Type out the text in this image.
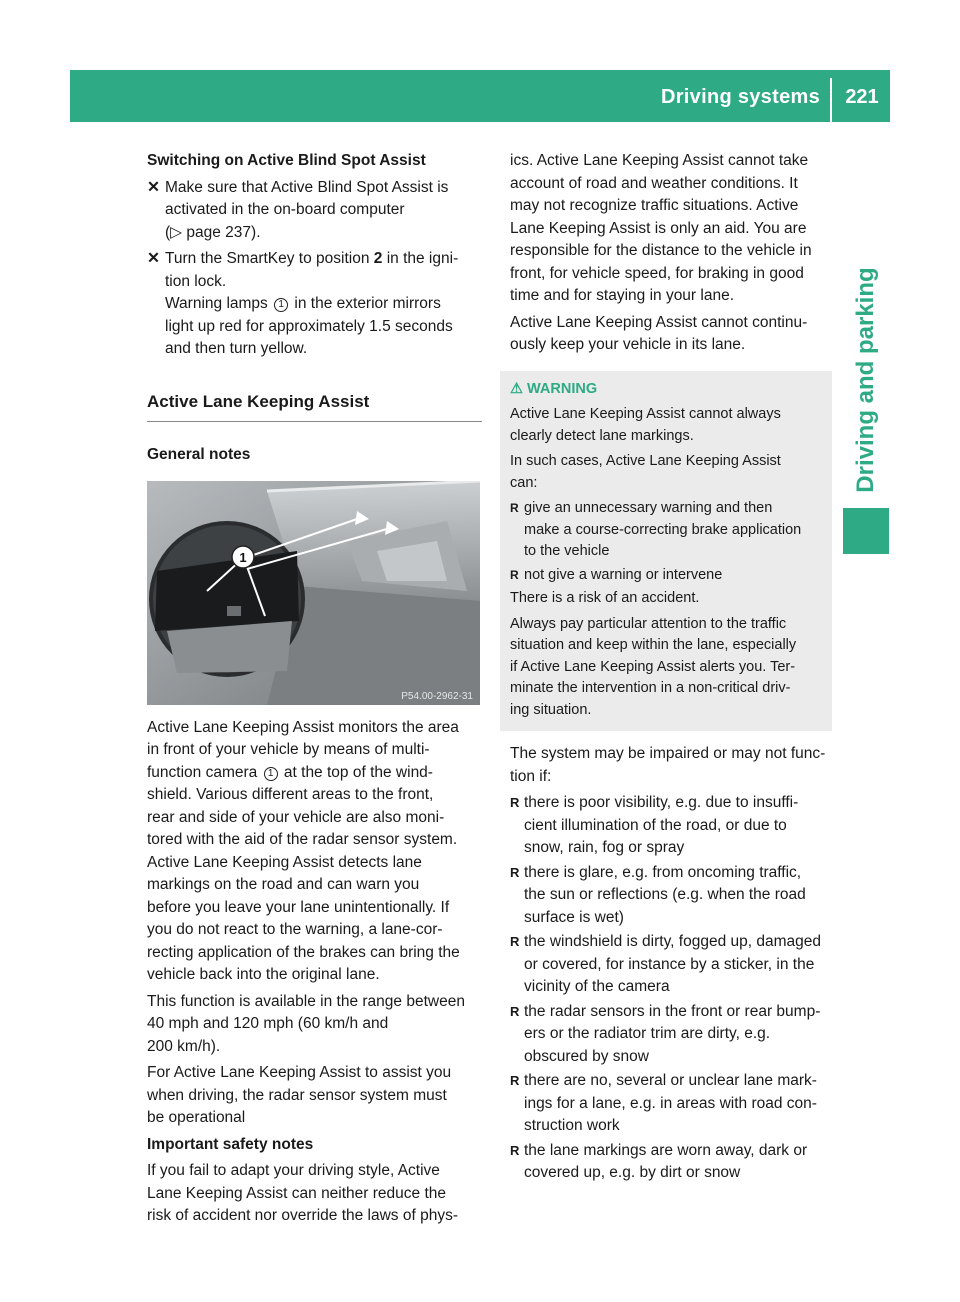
Driving systems	221
Driving and parking
Switching on Active Blind Spot Assist
✕ Make sure that Active Blind Spot Assist is
activated in the on-board computer
(▷ page 237).
✕ Turn the SmartKey to position 2 in the igni-
tion lock.
Warning lamps 1 in the exterior mirrors
light up red for approximately 1.5 seconds
and then turn yellow.
Active Lane Keeping Assist
General notes
1
P54.00-2962-31
Active Lane Keeping Assist monitors the area
in front of your vehicle by means of multi-
function camera 1 at the top of the wind-
shield. Various different areas to the front,
rear and side of your vehicle are also moni-
tored with the aid of the radar sensor system.
Active Lane Keeping Assist detects lane
markings on the road and can warn you
before you leave your lane unintentionally. If
you do not react to the warning, a lane-cor-
recting application of the brakes can bring the
vehicle back into the original lane.
This function is available in the range between
40 mph and 120 mph (60 km/h and
200 km/h).
For Active Lane Keeping Assist to assist you
when driving, the radar sensor system must
be operational
Important safety notes
If you fail to adapt your driving style, Active
Lane Keeping Assist can neither reduce the
risk of accident nor override the laws of phys-
ics. Active Lane Keeping Assist cannot take
account of road and weather conditions. It
may not recognize traffic situations. Active
Lane Keeping Assist is only an aid. You are
responsible for the distance to the vehicle in
front, for vehicle speed, for braking in good
time and for staying in your lane.
Active Lane Keeping Assist cannot continu-
ously keep your vehicle in its lane.
⚠ WARNING
Active Lane Keeping Assist cannot always
clearly detect lane markings.
In such cases, Active Lane Keeping Assist
can:
R give an unnecessary warning and then
make a course-correcting brake application
to the vehicle
R not give a warning or intervene
There is a risk of an accident.
Always pay particular attention to the traffic
situation and keep within the lane, especially
if Active Lane Keeping Assist alerts you. Ter-
minate the intervention in a non-critical driv-
ing situation.
The system may be impaired or may not func-
tion if:
R there is poor visibility, e.g. due to insuffi-
cient illumination of the road, or due to
snow, rain, fog or spray
R there is glare, e.g. from oncoming traffic,
the sun or reflections (e.g. when the road
surface is wet)
R the windshield is dirty, fogged up, damaged
or covered, for instance by a sticker, in the
vicinity of the camera
R the radar sensors in the front or rear bump-
ers or the radiator trim are dirty, e.g.
obscured by snow
R there are no, several or unclear lane mark-
ings for a lane, e.g. in areas with road con-
struction work
R the lane markings are worn away, dark or
covered up, e.g. by dirt or snow
